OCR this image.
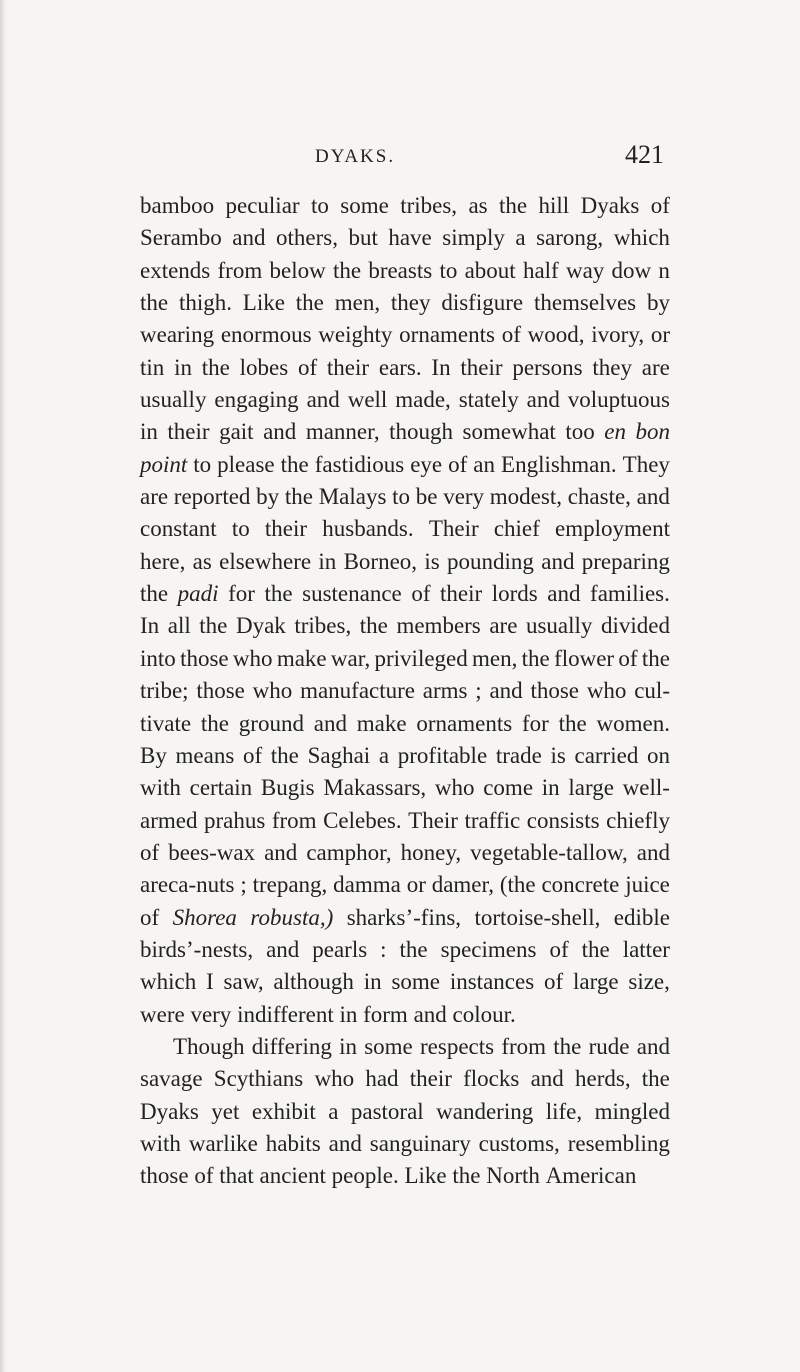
DYAKS.	421
bamboo peculiar to some tribes, as the hill Dyaks of
Serambo and others, but have simply a sarong, which
extends from below the breasts to about half way dow n
the thigh. Like the men, they disfigure themselves by
wearing enormous weighty ornaments of wood, ivory, or
tin in the lobes of their ears. In their persons they are
usually engaging and well made, stately and voluptuous
in their gait and manner, though somewhat too en bon
point to please the fastidious eye of an Englishman. They
are reported by the Malays to be very modest, chaste, and
constant to their husbands. Their chief employment
here, as elsewhere in Borneo, is pounding and preparing
the padi for the sustenance of their lords and families.
In all the Dyak tribes, the members are usually divided
into those who make war, privileged men, the flower of the
tribe; those who manufacture arms ; and those who cul-
tivate the ground and make ornaments for the women.
By means of the Saghai a profitable trade is carried on
with certain Bugis Makassars, who come in large well-
armed prahus from Celebes. Their traffic consists chiefly
of bees-wax and camphor, honey, vegetable-tallow, and
areca-nuts ; trepang, damma or damer, (the concrete juice
of Shorea robusta,) sharks’-fins, tortoise-shell, edible
birds’-nests, and pearls : the specimens of the latter
which I saw, although in some instances of large size,
were very indifferent in form and colour.
Though differing in some respects from the rude and
savage Scythians who had their flocks and herds, the
Dyaks yet exhibit a pastoral wandering life, mingled
with warlike habits and sanguinary customs, resembling
those of that ancient people. Like the North American
